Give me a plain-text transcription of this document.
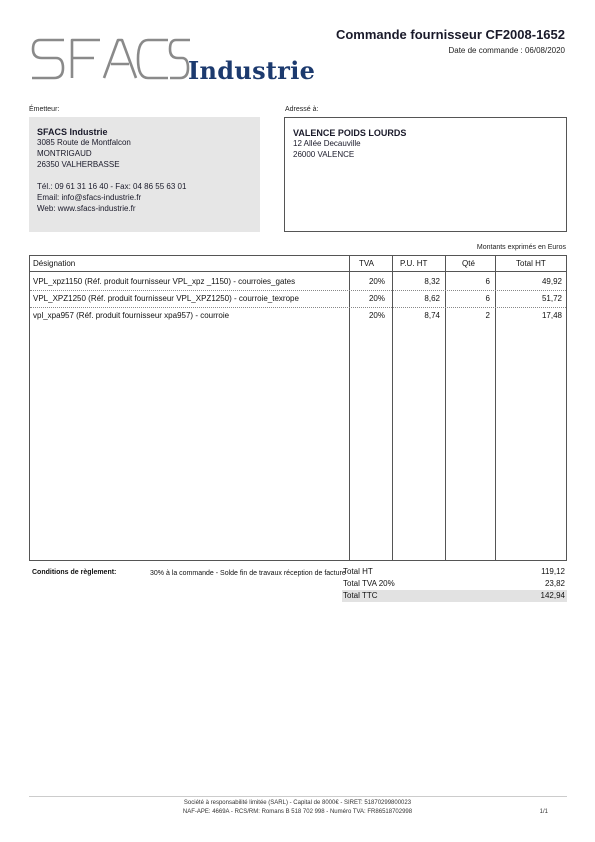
Industrie
Commande fournisseur CF2008-1652
Date de commande : 06/08/2020
Émetteur:
SFACS Industrie
3085 Route de Montfalcon
MONTRIGAUD
26350 VALHERBASSE
Tél.: 09 61 31 16 40 - Fax: 04 86 55 63 01
Email: info@sfacs-industrie.fr
Web: www.sfacs-industrie.fr
Adressé à:
VALENCE POIDS LOURDS
12 Allée Decauville
26000 VALENCE
Montants exprimés en Euros
Désignation	TVA	P.U. HT	Qté	Total HT
VPL_xpz1150 (Réf. produit fournisseur VPL_xpz _1150) - courroies_gates	20%	8,32	6	49,92
VPL_XPZ1250 (Réf. produit fournisseur VPL_XPZ1250) - courroie_texrope	20%	8,62	6	51,72
vpl_xpa957 (Réf. produit fournisseur xpa957) - courroie	20%	8,74	2	17,48
Conditions de règlement:	30% à la commande - Solde fin de travaux réception de facture
Total HT	119,12
Total TVA 20%	23,82
Total TTC	142,94
Société à responsabilité limitée (SARL) - Capital de 8000€ - SIRET: 51870299800023
NAF-APE: 4669A - RCS/RM: Romans B 518 702 998 - Numéro TVA: FR86518702998	1/1
